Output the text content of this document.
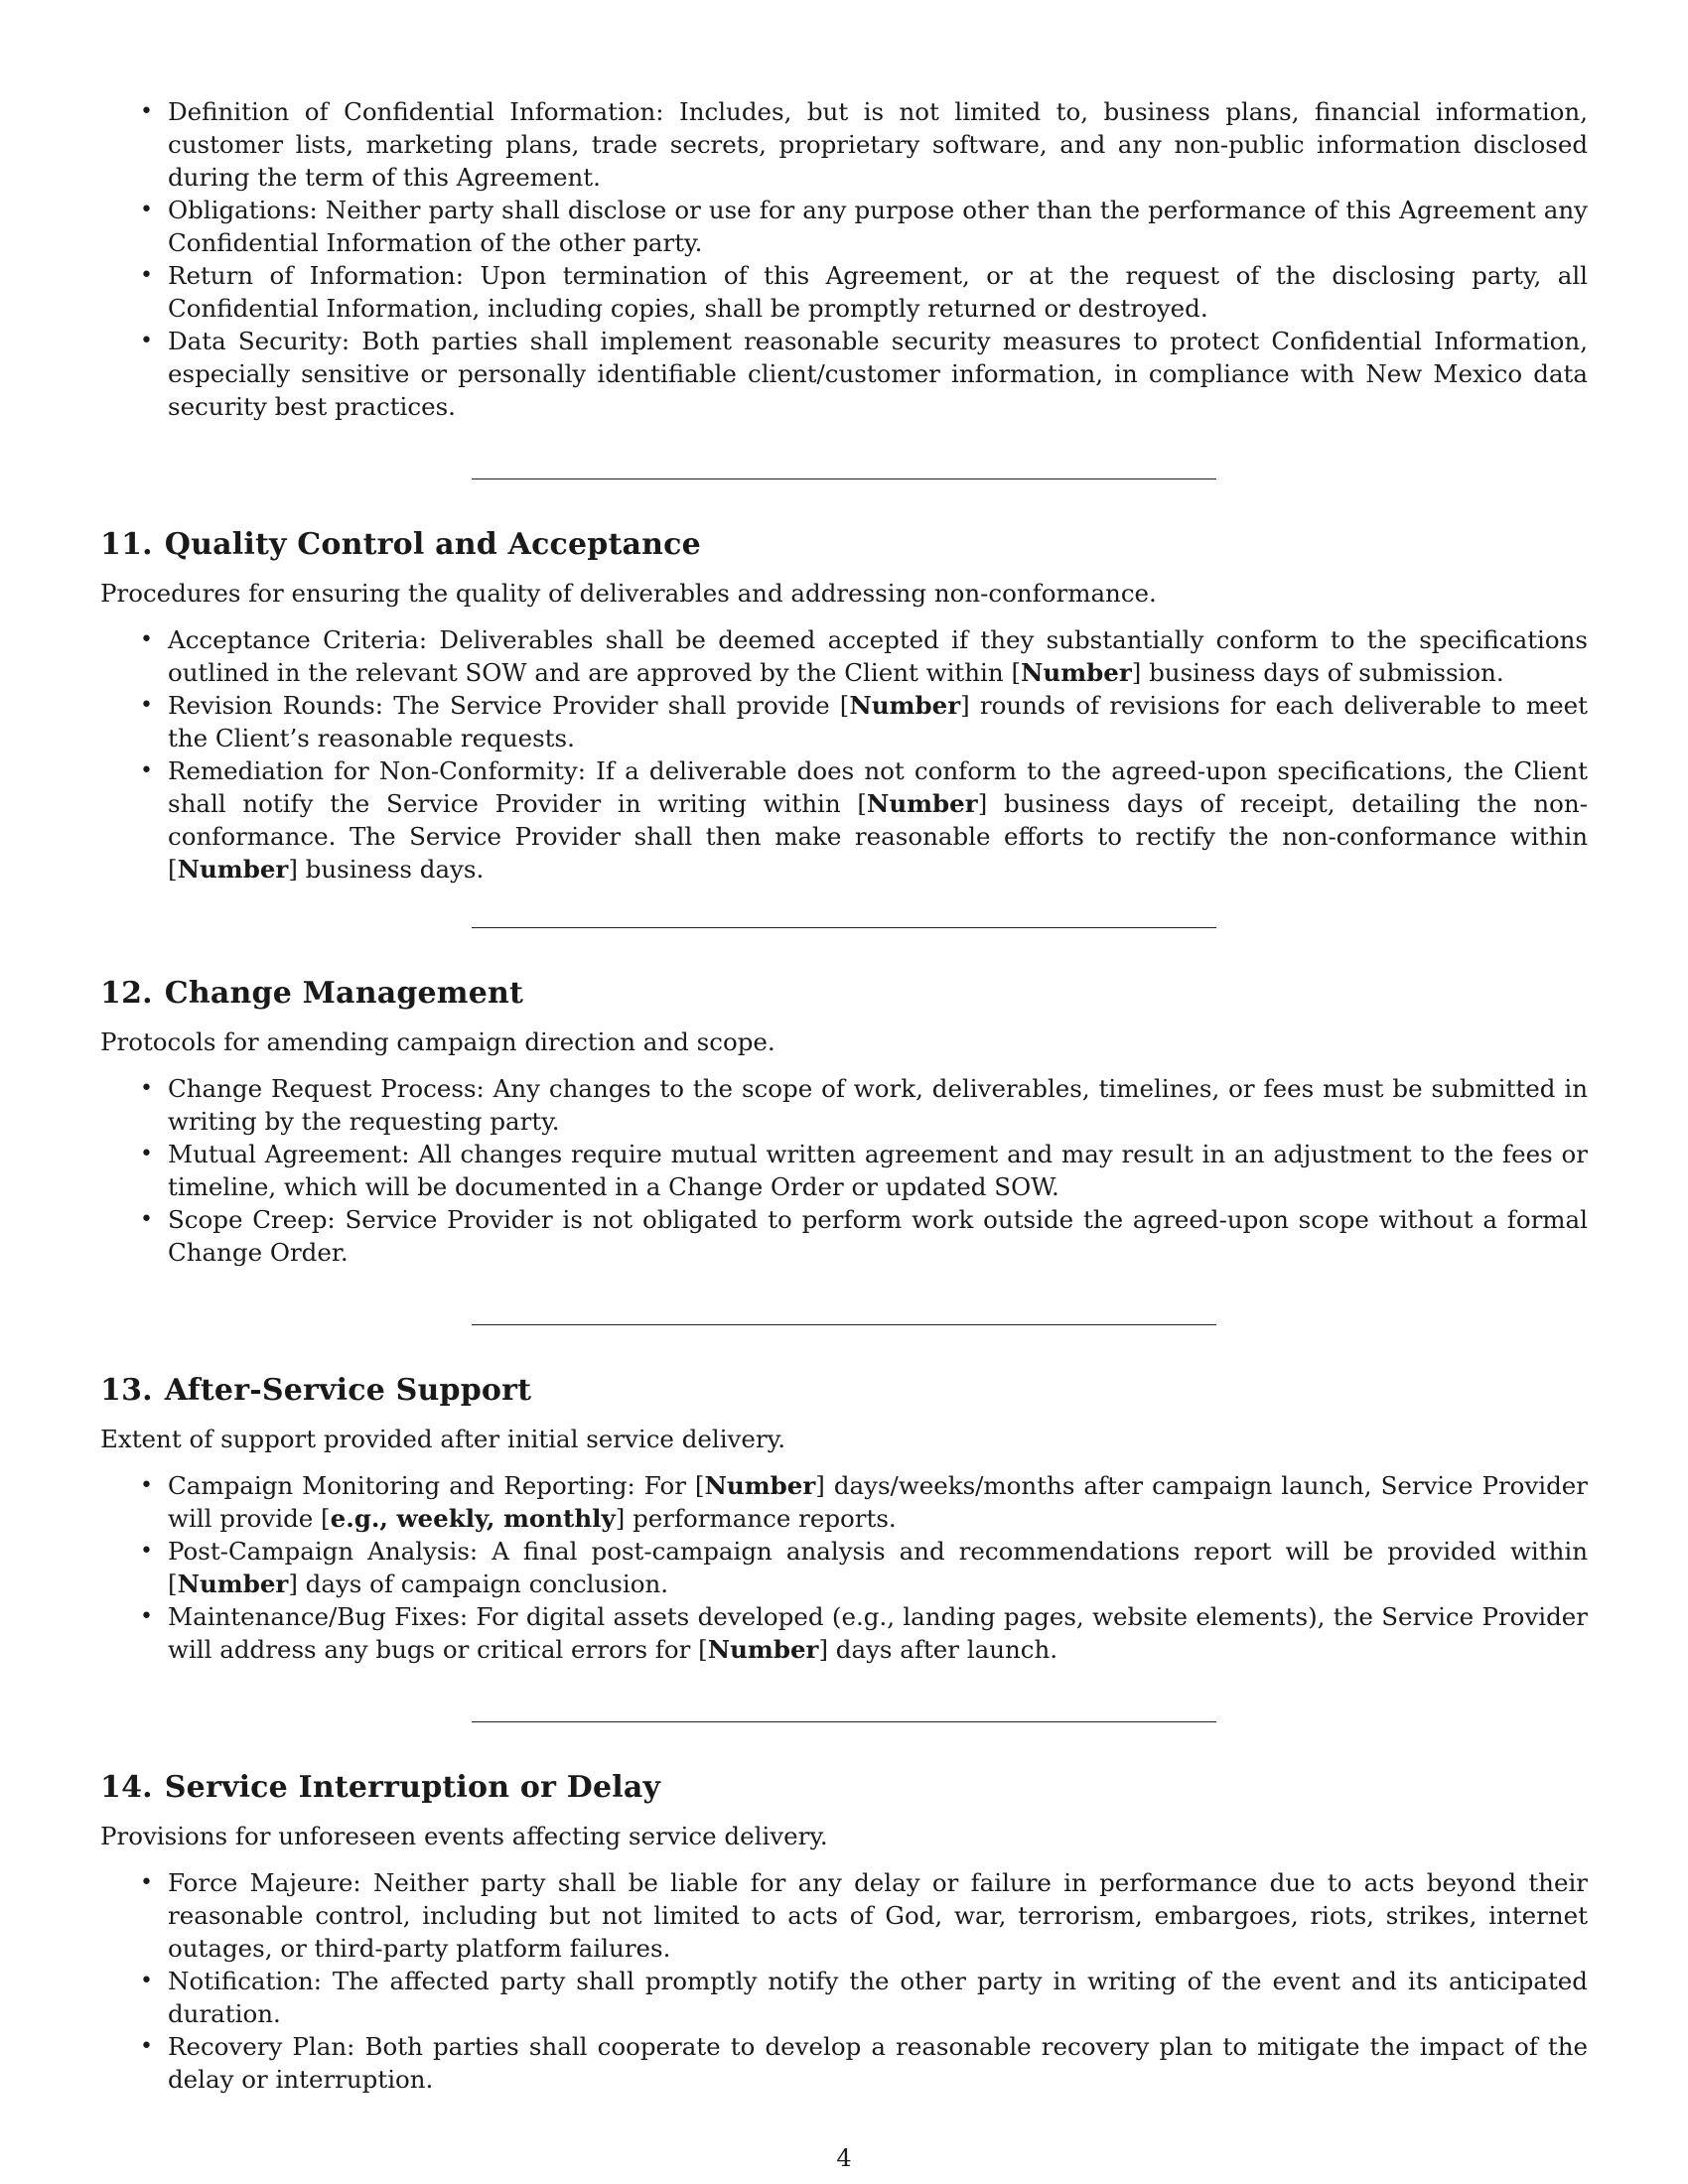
• Definition of Confidential Information: Includes, but is not limited to, business plans, financial information, customer lists, marketing plans, trade secrets, proprietary software, and any non-public information disclosed during the term of this Agreement.
• Obligations: Neither party shall disclose or use for any purpose other than the performance of this Agreement any Confidential Information of the other party.
• Return of Information: Upon termination of this Agreement, or at the request of the disclosing party, all Confidential Information, including copies, shall be promptly returned or destroyed.
• Data Security: Both parties shall implement reasonable security measures to protect Confidential Information, especially sensitive or personally identifiable client/customer information, in compliance with New Mexico data security best practices.
11. Quality Control and Acceptance

Procedures for ensuring the quality of deliverables and addressing non-conformance.

• Acceptance Criteria: Deliverables shall be deemed accepted if they substantially conform to the specifications outlined in the relevant SOW and are approved by the Client within [Number] business days of submission.
• Revision Rounds: The Service Provider shall provide [Number] rounds of revisions for each deliverable to meet the Client’s reasonable requests.
• Remediation for Non-Conformity: If a deliverable does not conform to the agreed-upon specifications, the Client shall notify the Service Provider in writing within [Number] business days of receipt, detailing the non-conformance. The Service Provider shall then make reasonable efforts to rectify the non-conformance within [Number] business days.
12. Change Management

Protocols for amending campaign direction and scope.

• Change Request Process: Any changes to the scope of work, deliverables, timelines, or fees must be submitted in writing by the requesting party.
• Mutual Agreement: All changes require mutual written agreement and may result in an adjustment to the fees or timeline, which will be documented in a Change Order or updated SOW.
• Scope Creep: Service Provider is not obligated to perform work outside the agreed-upon scope without a formal Change Order.
13. After-Service Support

Extent of support provided after initial service delivery.

• Campaign Monitoring and Reporting: For [Number] days/weeks/months after campaign launch, Service Provider will provide [e.g., weekly, monthly] performance reports.
• Post-Campaign Analysis: A final post-campaign analysis and recommendations report will be provided within [Number] days of campaign conclusion.
• Maintenance/Bug Fixes: For digital assets developed (e.g., landing pages, website elements), the Service Provider will address any bugs or critical errors for [Number] days after launch.
14. Service Interruption or Delay

Provisions for unforeseen events affecting service delivery.

• Force Majeure: Neither party shall be liable for any delay or failure in performance due to acts beyond their reasonable control, including but not limited to acts of God, war, terrorism, embargoes, riots, strikes, internet outages, or third-party platform failures.
• Notification: The affected party shall promptly notify the other party in writing of the event and its anticipated duration.
• Recovery Plan: Both parties shall cooperate to develop a reasonable recovery plan to mitigate the impact of the delay or interruption.
4
